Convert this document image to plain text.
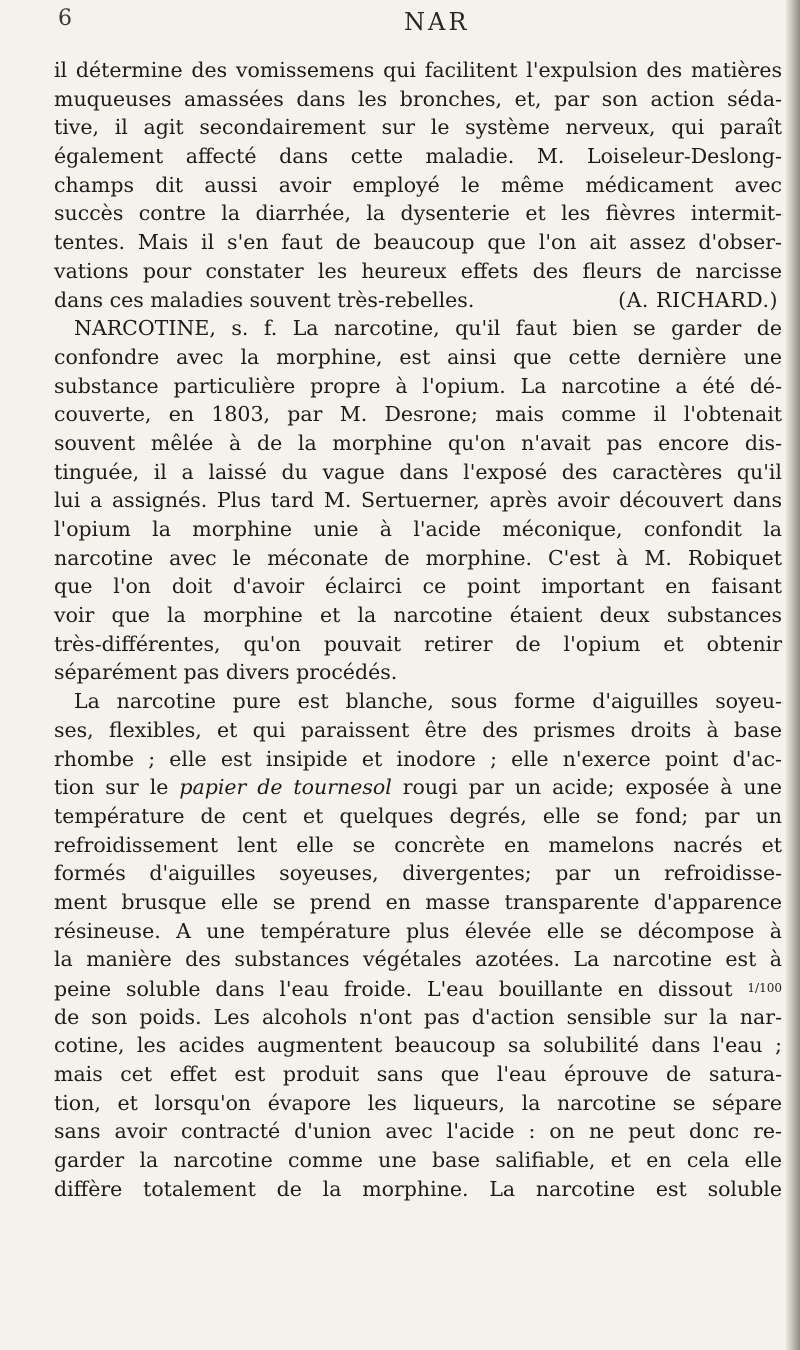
6	NAR
il détermine des vomissemens qui facilitent l'expulsion des matières
muqueuses amassées dans les bronches, et, par son action séda-
tive, il agit secondairement sur le système nerveux, qui paraît
également affecté dans cette maladie. M. Loiseleur-Deslong-
champs dit aussi avoir employé le même médicament avec
succès contre la diarrhée, la dysenterie et les fièvres intermit-
tentes. Mais il s'en faut de beaucoup que l'on ait assez d'obser-
vations pour constater les heureux effets des fleurs de narcisse
dans ces maladies souvent très-rebelles.	(A. RICHARD.)
NARCOTINE, s. f. La narcotine, qu'il faut bien se garder de
confondre avec la morphine, est ainsi que cette dernière une
substance particulière propre à l'opium. La narcotine a été dé-
couverte, en 1803, par M. Desrone; mais comme il l'obtenait
souvent mêlée à de la morphine qu'on n'avait pas encore dis-
tinguée, il a laissé du vague dans l'exposé des caractères qu'il
lui a assignés. Plus tard M. Sertuerner, après avoir découvert dans
l'opium la morphine unie à l'acide méconique, confondit la
narcotine avec le méconate de morphine. C'est à M. Robiquet
que l'on doit d'avoir éclairci ce point important en faisant
voir que la morphine et la narcotine étaient deux substances
très-différentes, qu'on pouvait retirer de l'opium et obtenir
séparément pas divers procédés.
La narcotine pure est blanche, sous forme d'aiguilles soyeu-
ses, flexibles, et qui paraissent être des prismes droits à base
rhombe ; elle est insipide et inodore ; elle n'exerce point d'ac-
tion sur le papier de tournesol rougi par un acide; exposée à une
température de cent et quelques degrés, elle se fond; par un
refroidissement lent elle se concrète en mamelons nacrés et
formés d'aiguilles soyeuses, divergentes; par un refroidisse-
ment brusque elle se prend en masse transparente d'apparence
résineuse. A une température plus élevée elle se décompose à
la manière des substances végétales azotées. La narcotine est à
peine soluble dans l'eau froide. L'eau bouillante en dissout 1/100
de son poids. Les alcohols n'ont pas d'action sensible sur la nar-
cotine, les acides augmentent beaucoup sa solubilité dans l'eau ;
mais cet effet est produit sans que l'eau éprouve de satura-
tion, et lorsqu'on évapore les liqueurs, la narcotine se sépare
sans avoir contracté d'union avec l'acide : on ne peut donc re-
garder la narcotine comme une base salifiable, et en cela elle
diffère totalement de la morphine. La narcotine est soluble
